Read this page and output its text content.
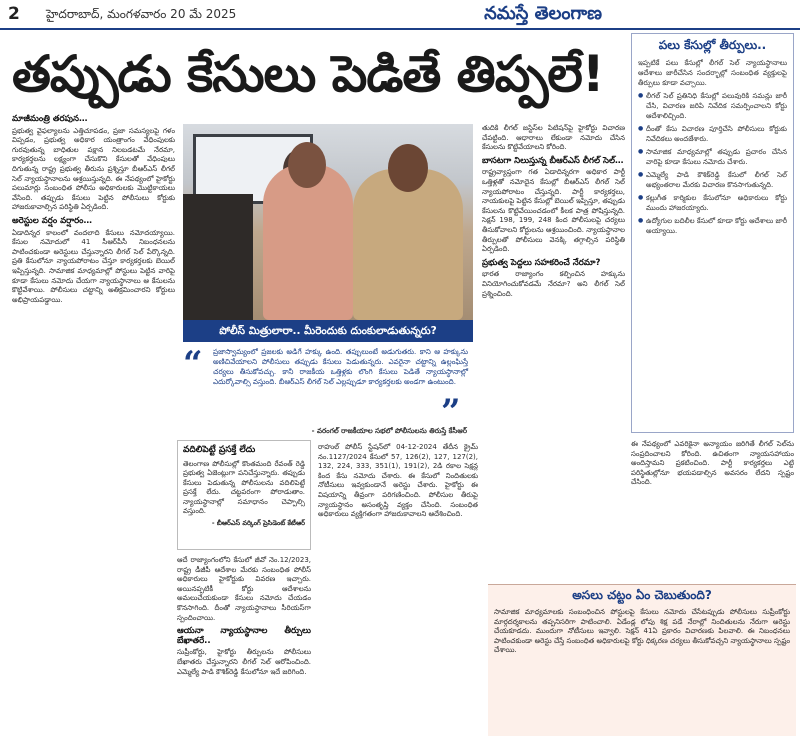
2 హైదరాబాద్, మంగళవారం 20 మే 2025	నమస్తే తెలంగాణ
తప్పుడు కేసులు పెడితే తిప్పలే!	పలు కేసుల్లో తీర్పులు..
ఇప్పటికే పలు కేసుల్లో లీగల్ సెల్ న్యాయస్థానాలు ఆదేశాలు జారీచేసిన సందర్భాల్లో సంబంధిత వ్యక్తులపై తీర్పులు కూడా వచ్చాయి.
● లీగల్ సెల్ ప్రతినిధి కేసుల్లో పలువురికి సమన్లు జారీ చేసి, విచారణ జరిపి నివేదిక సమర్పించాలని కోర్టు ఆదేశాలిచ్చింది.
● దీంతో కేసు విచారణ పూర్తిచేసి పోలీసులు కోర్టుకు నివేదికలు అందజేశారు.
● సామాజిక మాధ్యమాల్లో తప్పుడు ప్రచారం చేసిన వారిపై కూడా కేసులు నమోదు చేశారు.
● ఎమ్మెల్యే పాడి కౌశిక్‌రెడ్డి కేసులో లీగల్ సెల్ అభ్యంతరాల మేరకు విచారణ కొనసాగుతున్నది.
● కల్లుగీత కార్మికుల కేసులోనూ అధికారులు కోర్టు ముందు హాజరయ్యారు.
● ఉద్యోగుల బదిలీల కేసులో కూడా కోర్టు ఆదేశాలు జారీ అయ్యాయి.
మాజీమంత్రి తరపున…

ప్రభుత్వ వైఫల్యాలను ఎత్తిచూపడం, ప్రజా సమస్యలపై గళం విప్పడం, ప్రభుత్వ అధికార యంత్రాంగం వేధింపులకు గురవుతున్న బాధితుల పక్షాన నిలబడటమే నేరమా, కార్యకర్తలను లక్ష్యంగా చేసుకొని కేసులతో వేధింపులు దిగుతున్న రాష్ట్ర ప్రభుత్వ తీరును ప్రశ్నిస్తూ బీఆర్‌ఎస్ లీగల్ సెల్ న్యాయస్థానాలను ఆశ్రయిస్తున్నది. ఈ నేపథ్యంలో హైకోర్టు పలుమార్లు సంబంధిత పోలీసు అధికారులకు మొట్టికాయలు వేసింది. తప్పుడు కేసులు పెట్టిన పోలీసులు కోర్టుకు హాజరుకావాల్సిన పరిస్థితి ఏర్పడింది.

అరెస్టుల వర్షం వర్షారం…

ఏడాదిన్నర కాలంలో వందలాది కేసులు నమోదయ్యాయి. కేసుల నమోదులో 41 సీఆర్‌పీసీ నిబంధనలను పాటించకుండా అరెస్టులు చేస్తున్నారని లీగల్ సెల్ పేర్కొన్నది. ప్రతి కేసులోనూ న్యాయపోరాటం చేస్తూ కార్యకర్తలకు బెయిల్ ఇప్పిస్తున్నది. సామాజిక మాధ్యమాల్లో పోస్టులు పెట్టిన వారిపై కూడా కేసులు నమోదు చేయగా న్యాయస్థానాలు ఆ కేసులను కొట్టివేశాయి. పోలీసులు చట్టాన్ని అతిక్రమించారని కోర్టులు అభిప్రాయపడ్డాయి.

పోలీస్ మిత్రులారా.. మీరెందుకు దుంకులాడుతున్నరు?
“ ప్రజాస్వామ్యంలో ప్రజలకు అడిగే హక్కు ఉంది. తప్పులుంటే అడుగుతరు. కాని ఆ హక్కును అణిచివేయాలని పోలీసులు తప్పుడు కేసులు పెడుతున్నరు. ఎవరైనా చట్టాన్ని ఉల్లంఘిస్తే చర్యలు తీసుకోవచ్చు. కానీ రాజకీయ ఒత్తిళ్లకు లొంగి కేసులు పెడితే న్యాయస్థానాల్లో ఎదుర్కోవాల్సి వస్తుంది. బీఆర్‌ఎస్ లీగల్ సెల్ ఎల్లప్పుడూ కార్యకర్తలకు అండగా ఉంటుంది.
”
- వరంగల్ రాజకీయాల సభలో పోలీసులను తిరుస్తే కేసీఆర్
వదిలిపెట్టే ప్రసక్తే లేదు
తెలంగాణ పోలీసుల్లో కొంతమంది రేవంత్ రెడ్డి ప్రభుత్వ ఏజెంట్లుగా పనిచేస్తున్నారు. తప్పుడు కేసులు పెడుతున్న పోలీసులను వదిలిపెట్టే ప్రసక్తే లేదు. చట్టపరంగా పోరాడుతాం. న్యాయస్థానాల్లో సమాధానం చెప్పాల్సి వస్తుంది.
- బీఆర్‌ఎస్ వర్కింగ్ ప్రెసిడెంట్ కేటీఆర్

ఆదే రాజ్యాంగంలోని కేసులో జీవో నెం.12/2023, రాష్ట్ర డీజీపీ ఆదేశాల మేరకు సంబంధిత పోలీస్ అధికారులు హైకోర్టుకు వివరణ ఇచ్చారు. అయినప్పటికీ కోర్టు ఆదేశాలను అమలుచేయకుండా కేసులు నమోదు చేయడం కొనసాగింది. దీంతో న్యాయస్థానాలు సీరియస్‌గా స్పందించాయి.

ఆయనా న్యాయస్థానాల తీర్పులు బేఖాతరే..

సుప్రీంకోర్టు, హైకోర్టు తీర్పులను పోలీసులు బేఖాతరు చేస్తున్నారని లీగల్ సెల్ ఆరోపించింది. ఎమ్మెల్యే పాడి కౌశిక్‌రెడ్డి కేసులోనూ ఇదే జరిగింది.

రాహుల్ పోలీస్ స్టేషన్‌లో 04-12-2024 తేదీన క్రైమ్ నం.1127/2024 కేసులో 57, 126(2), 127, 127(2), 132, 224, 333, 351(1), 191(2), 2డి రకాల సెక్షన్ల కింద కేసు నమోదు చేశారు. ఈ కేసులో నిందితులకు నోటీసులు ఇవ్వకుండానే అరెస్టు చేశారు. హైకోర్టు ఈ విషయాన్ని తీవ్రంగా పరిగణించింది. పోలీసుల తీరుపై న్యాయస్థానం అసంతృప్తి వ్యక్తం చేసింది. సంబంధిత అధికారులు వ్యక్తిగతంగా హాజరుకావాలని ఆదేశించింది.

తుదికి లీగల్ జస్టిస్‌ల పిటిషన్‌పై హైకోర్టు విచారణ చేపట్టింది. ఆధారాలు లేకుండా నమోదు చేసిన కేసులను కొట్టివేయాలని కోరింది.

బాసటగా నిలుస్తున్న బీఆర్‌ఎస్ లీగల్ సెల్…

రాష్ట్రవ్యాప్తంగా గత ఏడాదిన్నరగా అధికార పార్టీ ఒత్తిళ్లతో నమోదైన కేసుల్లో బీఆర్‌ఎస్ లీగల్ సెల్ న్యాయపోరాటం చేస్తున్నది. పార్టీ కార్యకర్తలు, నాయకులపై పెట్టిన కేసుల్లో బెయిల్ ఇప్పిస్తూ, తప్పుడు కేసులను కొట్టివేయించడంలో కీలక పాత్ర పోషిస్తున్నది. సెక్షన్ 198, 199, 248 కింద పోలీసులపై చర్యలు తీసుకోవాలని కోర్టులను ఆశ్రయించింది. న్యాయస్థానాల తీర్పులతో పోలీసులు వెనక్కి తగ్గాల్సిన పరిస్థితి ఏర్పడింది.

ప్రభుత్వ పెద్దలు సహకరించే నేరమా?

భారత రాజ్యాంగం కల్పించిన హక్కును వినియోగించుకోవడమే నేరమా? అని లీగల్ సెల్ ప్రశ్నించింది.

ఈ నేపథ్యంలో ఎవరికైనా అన్యాయం జరిగితే లీగల్ సెల్‌ను సంప్రదించాలని కోరింది. ఉచితంగా న్యాయసహాయం అందిస్తామని ప్రకటించింది. పార్టీ కార్యకర్తలు ఎట్టి పరిస్థితుల్లోనూ భయపడాల్సిన అవసరం లేదని స్పష్టం చేసింది.

అసలు చట్టం ఏం చెబుతుంది?
సామాజిక మాధ్యమాలకు సంబంధించిన పోస్టులపై కేసులు నమోదు చేసేటప్పుడు పోలీసులు సుప్రీంకోర్టు మార్గదర్శకాలను తప్పనిసరిగా పాటించాలి. ఏడేండ్ల లోపు శిక్ష పడే నేరాల్లో నిందితులను నేరుగా అరెస్టు చేయకూడదు. ముందుగా నోటీసులు ఇవ్వాలి. సెక్షన్ 41ఏ ప్రకారం విచారణకు పిలవాలి. ఈ నిబంధనలు పాటించకుండా అరెస్టు చేస్తే సంబంధిత అధికారులపై కోర్టు ధిక్కరణ చర్యలు తీసుకోవచ్చని న్యాయస్థానాలు స్పష్టం చేశాయి.
